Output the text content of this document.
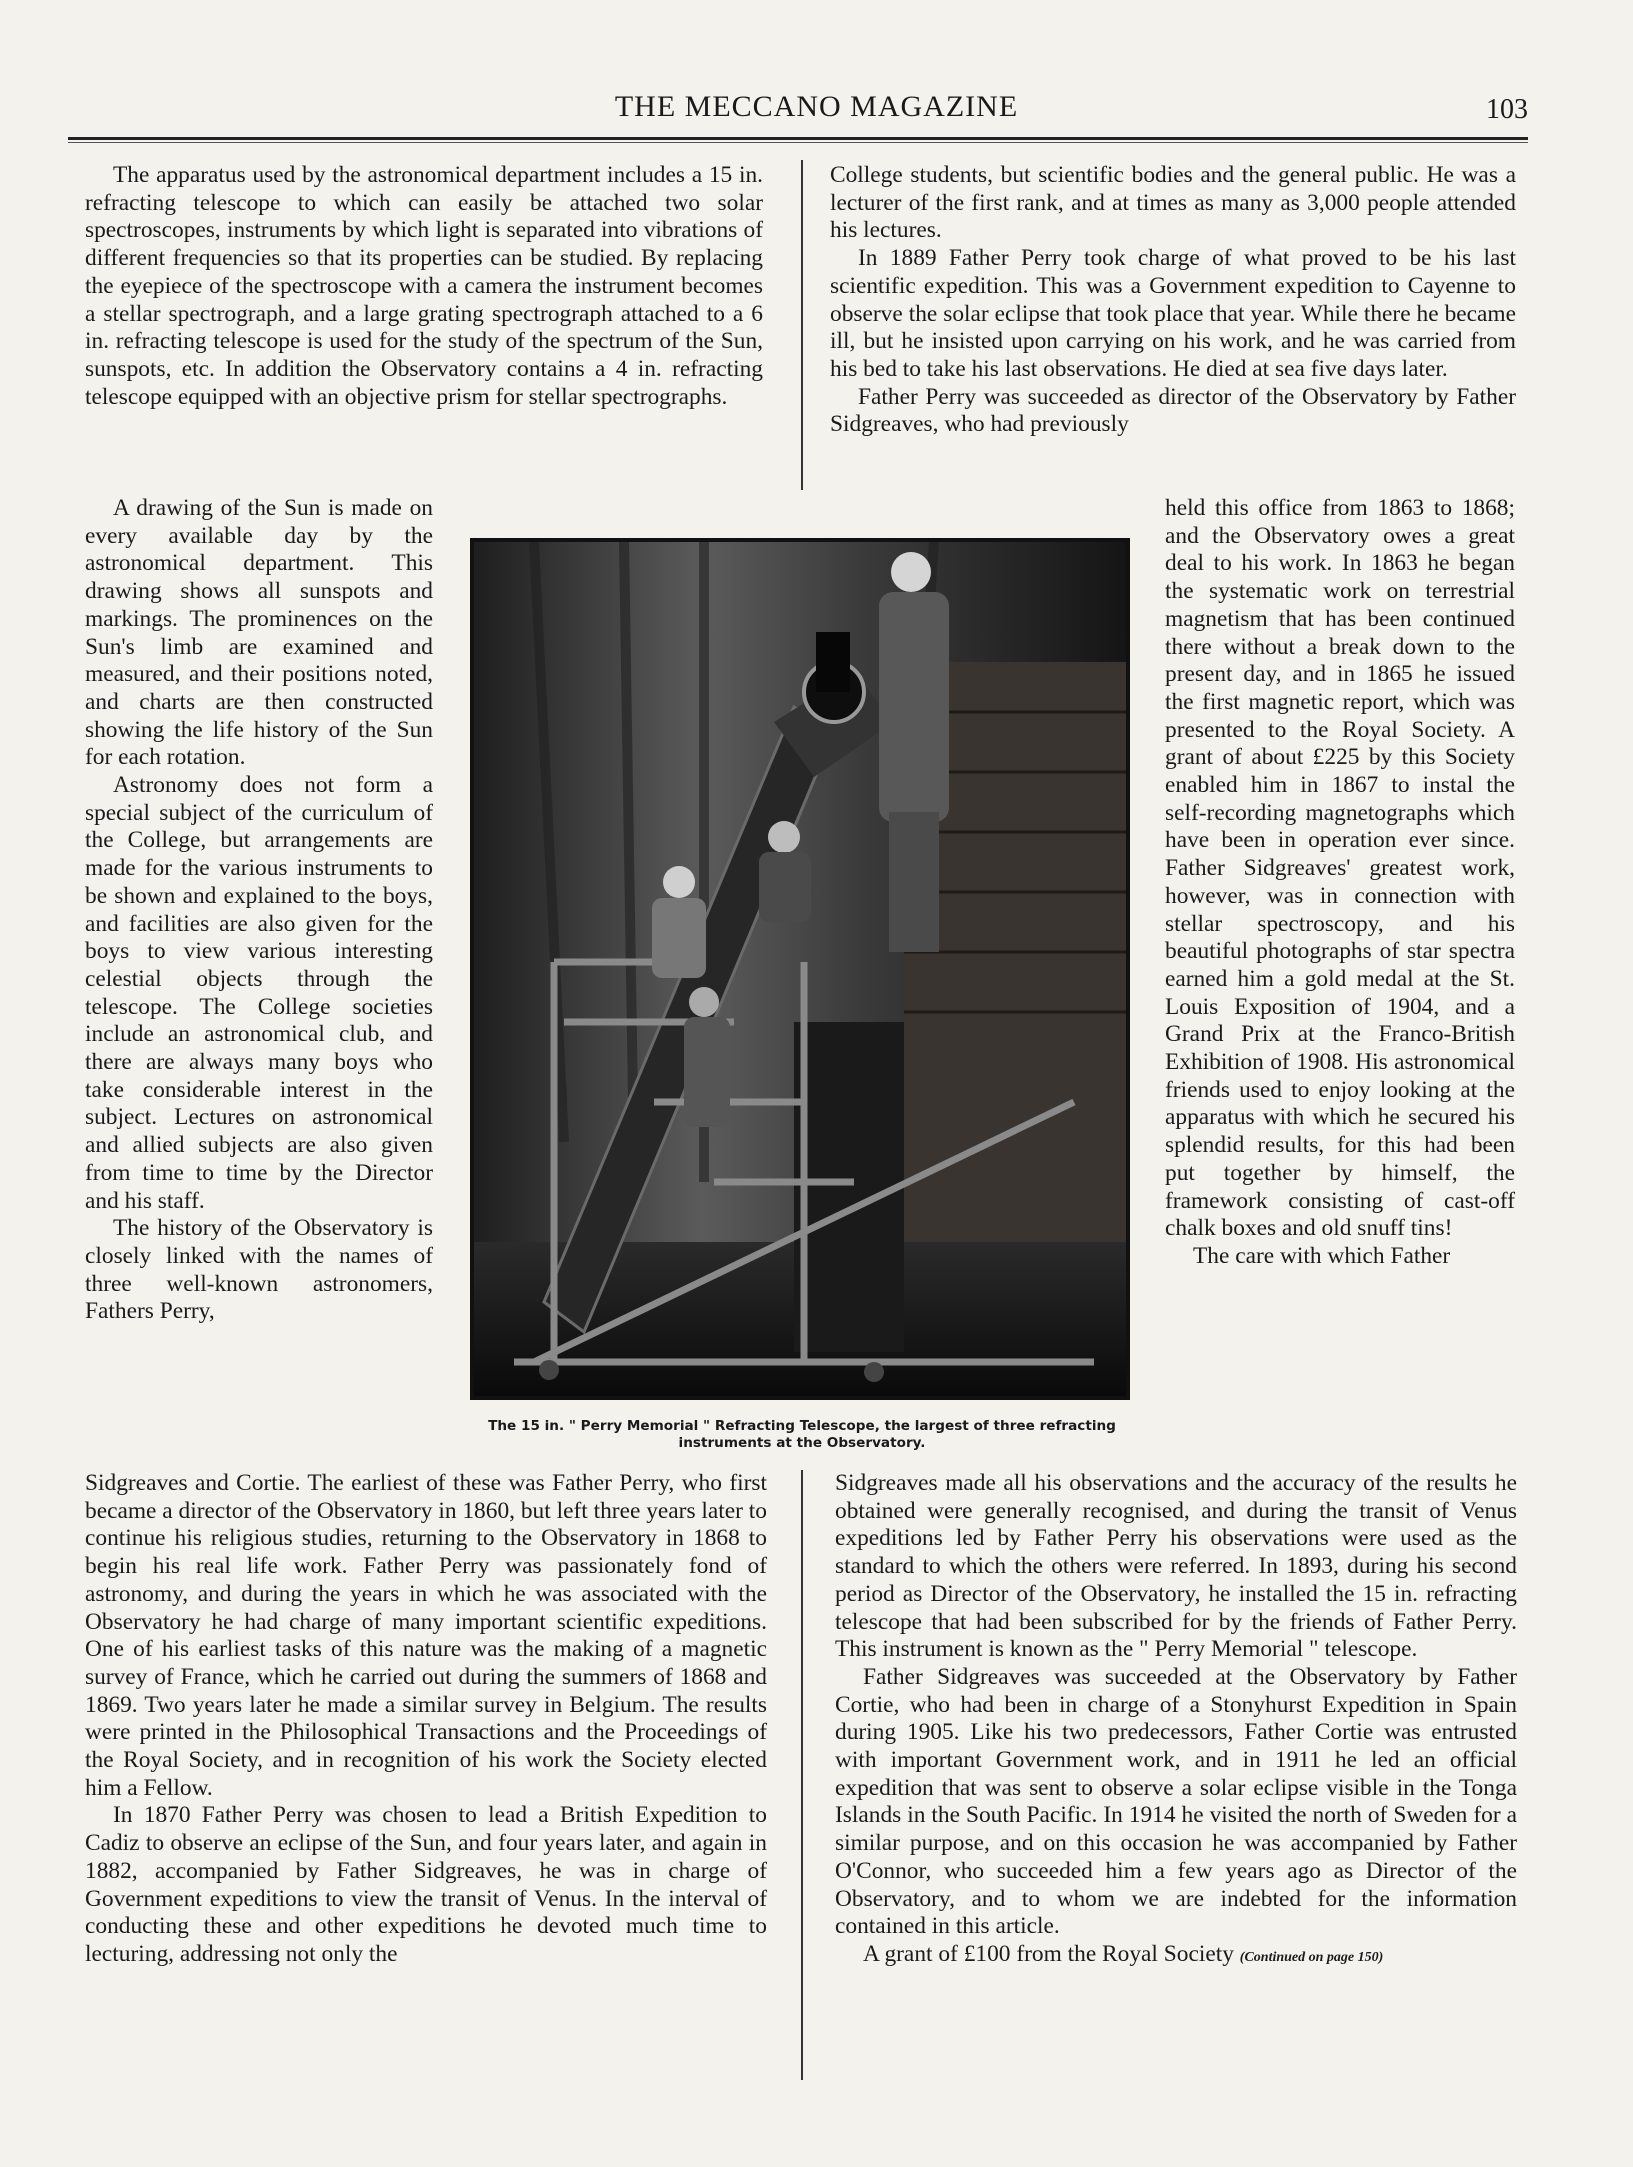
THE MECCANO MAGAZINE	103

The apparatus used by the astronomical department includes a 15 in. refracting telescope to which can easily be attached two solar spectroscopes, instruments by which light is separated into vibrations of different frequencies so that its properties can be studied. By replacing the eyepiece of the spectroscope with a camera the instrument becomes a stellar spectrograph, and a large grating spectrograph attached to a 6 in. refracting telescope is used for the study of the spectrum of the Sun, sunspots, etc. In addition the Observatory contains a 4 in. refracting telescope equipped with an objective prism for stellar spectrographs.

A drawing of the Sun is made on every available day by the astronomical department. This drawing shows all sunspots and markings. The prominences on the Sun's limb are examined and measured, and their positions noted, and charts are then constructed showing the life history of the Sun for each rotation.

Astronomy does not form a special subject of the curriculum of the College, but arrangements are made for the various instruments to be shown and explained to the boys, and facilities are also given for the boys to view various interesting celestial objects through the telescope. The College societies include an astronomical club, and there are always many boys who take considerable interest in the subject. Lectures on astronomical and allied subjects are also given from time to time by the Director and his staff.

The history of the Observatory is closely linked with the names of three well-known astronomers, Fathers Perry,

Sidgreaves and Cortie. The earliest of these was Father Perry, who first became a director of the Observatory in 1860, but left three years later to continue his religious studies, returning to the Observatory in 1868 to begin his real life work. Father Perry was passionately fond of astronomy, and during the years in which he was associated with the Observatory he had charge of many important scientific expeditions. One of his earliest tasks of this nature was the making of a magnetic survey of France, which he carried out during the summers of 1868 and 1869. Two years later he made a similar survey in Belgium. The results were printed in the Philosophical Transactions and the Proceedings of the Royal Society, and in recognition of his work the Society elected him a Fellow.

In 1870 Father Perry was chosen to lead a British Expedition to Cadiz to observe an eclipse of the Sun, and four years later, and again in 1882, accompanied by Father Sidgreaves, he was in charge of Government expeditions to view the transit of Venus. In the interval of conducting these and other expeditions he devoted much time to lecturing, addressing not only the

College students, but scientific bodies and the general public. He was a lecturer of the first rank, and at times as many as 3,000 people attended his lectures.

In 1889 Father Perry took charge of what proved to be his last scientific expedition. This was a Government expedition to Cayenne to observe the solar eclipse that took place that year. While there he became ill, but he insisted upon carrying on his work, and he was carried from his bed to take his last observations. He died at sea five days later.

Father Perry was succeeded as director of the Observatory by Father Sidgreaves, who had previously

held this office from 1863 to 1868; and the Observatory owes a great deal to his work. In 1863 he began the systematic work on terrestrial magnetism that has been continued there without a break down to the present day, and in 1865 he issued the first magnetic report, which was presented to the Royal Society. A grant of about £225 by this Society enabled him in 1867 to instal the self-recording magnetographs which have been in operation ever since. Father Sidgreaves' greatest work, however, was in connection with stellar spectroscopy, and his beautiful photographs of star spectra earned him a gold medal at the St. Louis Exposition of 1904, and a Grand Prix at the Franco-British Exhibition of 1908. His astronomical friends used to enjoy looking at the apparatus with which he secured his splendid results, for this had been put together by himself, the framework consisting of cast-off chalk boxes and old snuff tins!

The care with which Father

Sidgreaves made all his observations and the accuracy of the results he obtained were generally recognised, and during the transit of Venus expeditions led by Father Perry his observations were used as the standard to which the others were referred. In 1893, during his second period as Director of the Observatory, he installed the 15 in. refracting telescope that had been subscribed for by the friends of Father Perry. This instrument is known as the " Perry Memorial " telescope.

Father Sidgreaves was succeeded at the Observatory by Father Cortie, who had been in charge of a Stonyhurst Expedition in Spain during 1905. Like his two predecessors, Father Cortie was entrusted with important Government work, and in 1911 he led an official expedition that was sent to observe a solar eclipse visible in the Tonga Islands in the South Pacific. In 1914 he visited the north of Sweden for a similar purpose, and on this occasion he was accompanied by Father O'Connor, who succeeded him a few years ago as Director of the Observatory, and to whom we are indebted for the information contained in this article.

A grant of £100 from the Royal Society (Continued on page 150)

The 15 in. " Perry Memorial " Refracting Telescope, the largest of three refracting
instruments at the Observatory.
